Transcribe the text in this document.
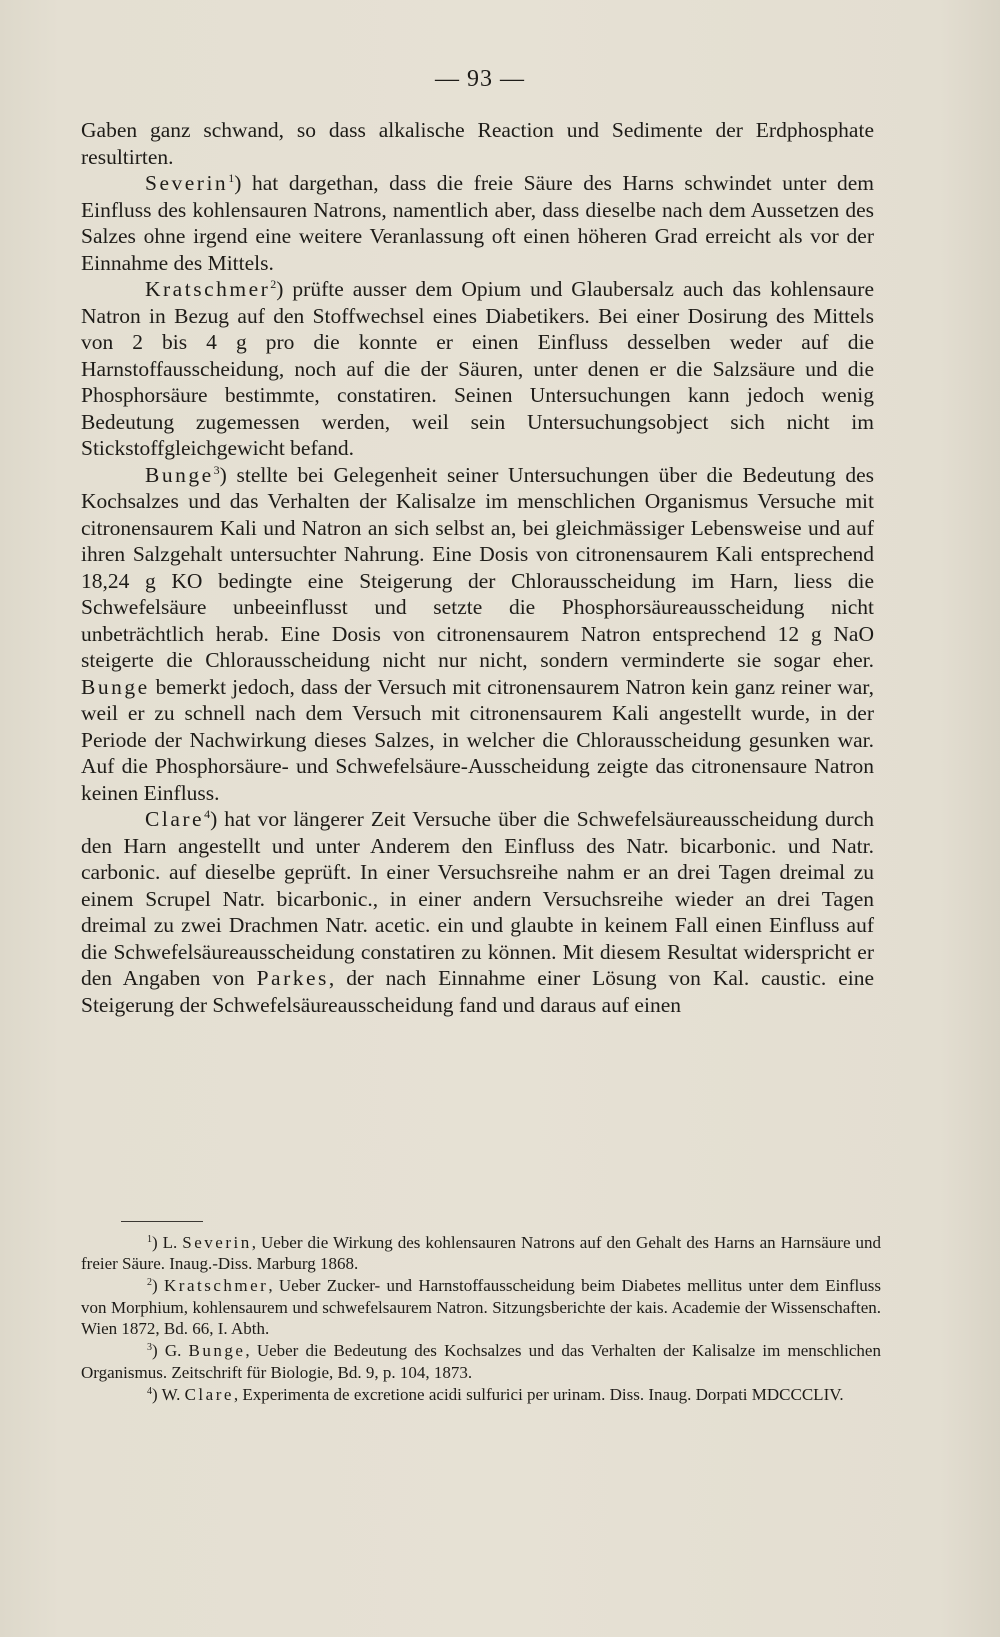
— 93 —

Gaben ganz schwand, so dass alkalische Reaction und Sedimente der Erdphosphate resultirten.

Severin$^1$) hat dargethan, dass die freie Säure des Harns schwindet unter dem Einfluss des kohlensauren Natrons, namentlich aber, dass dieselbe nach dem Aussetzen des Salzes ohne irgend eine weitere Veranlassung oft einen höheren Grad erreicht als vor der Einnahme des Mittels.

Kratschmer$^2$) prüfte ausser dem Opium und Glaubersalz auch das kohlensaure Natron in Bezug auf den Stoffwechsel eines Diabetikers. Bei einer Dosirung des Mittels von 2 bis 4 g pro die konnte er einen Einfluss desselben weder auf die Harnstoffausscheidung, noch auf die der Säuren, unter denen er die Salzsäure und die Phosphorsäure bestimmte, constatiren. Seinen Untersuchungen kann jedoch wenig Bedeutung zugemessen werden, weil sein Untersuchungsobject sich nicht im Stickstoffgleichgewicht befand.

Bunge$^3$) stellte bei Gelegenheit seiner Untersuchungen über die Bedeutung des Kochsalzes und das Verhalten der Kalisalze im menschlichen Organismus Versuche mit citronensaurem Kali und Natron an sich selbst an, bei gleichmässiger Lebensweise und auf ihren Salzgehalt untersuchter Nahrung. Eine Dosis von citronensaurem Kali entsprechend 18,24 g KO bedingte eine Steigerung der Chlorausscheidung im Harn, liess die Schwefelsäure unbeeinflusst und setzte die Phosphorsäureausscheidung nicht unbeträchtlich herab. Eine Dosis von citronensaurem Natron entsprechend 12 g NaO steigerte die Chlorausscheidung nicht nur nicht, sondern verminderte sie sogar eher. Bunge bemerkt jedoch, dass der Versuch mit citronensaurem Natron kein ganz reiner war, weil er zu schnell nach dem Versuch mit citronensaurem Kali angestellt wurde, in der Periode der Nachwirkung dieses Salzes, in welcher die Chlorausscheidung gesunken war. Auf die Phosphorsäure- und Schwefelsäure-Ausscheidung zeigte das citronensaure Natron keinen Einfluss.

Clare$^4$) hat vor längerer Zeit Versuche über die Schwefelsäureausscheidung durch den Harn angestellt und unter Anderem den Einfluss des Natr. bicarbonic. und Natr. carbonic. auf dieselbe geprüft. In einer Versuchsreihe nahm er an drei Tagen dreimal zu einem Scrupel Natr. bicarbonic., in einer andern Versuchsreihe wieder an drei Tagen dreimal zu zwei Drachmen Natr. acetic. ein und glaubte in keinem Fall einen Einfluss auf die Schwefelsäureausscheidung constatiren zu können. Mit diesem Resultat widerspricht er den Angaben von Parkes, der nach Einnahme einer Lösung von Kal. caustic. eine Steigerung der Schwefelsäureausscheidung fand und daraus auf einen

$^1$) L. Severin, Ueber die Wirkung des kohlensauren Natrons auf den Gehalt des Harns an Harnsäure und freier Säure. Inaug.-Diss. Marburg 1868.

$^2$) Kratschmer, Ueber Zucker- und Harnstoffausscheidung beim Diabetes mellitus unter dem Einfluss von Morphium, kohlensaurem und schwefelsaurem Natron. Sitzungsberichte der kais. Academie der Wissenschaften. Wien 1872, Bd. 66, I. Abth.

$^3$) G. Bunge, Ueber die Bedeutung des Kochsalzes und das Verhalten der Kalisalze im menschlichen Organismus. Zeitschrift für Biologie, Bd. 9, p. 104, 1873.

$^4$) W. Clare, Experimenta de excretione acidi sulfurici per urinam. Diss. Inaug. Dorpati MDCCCLIV.
